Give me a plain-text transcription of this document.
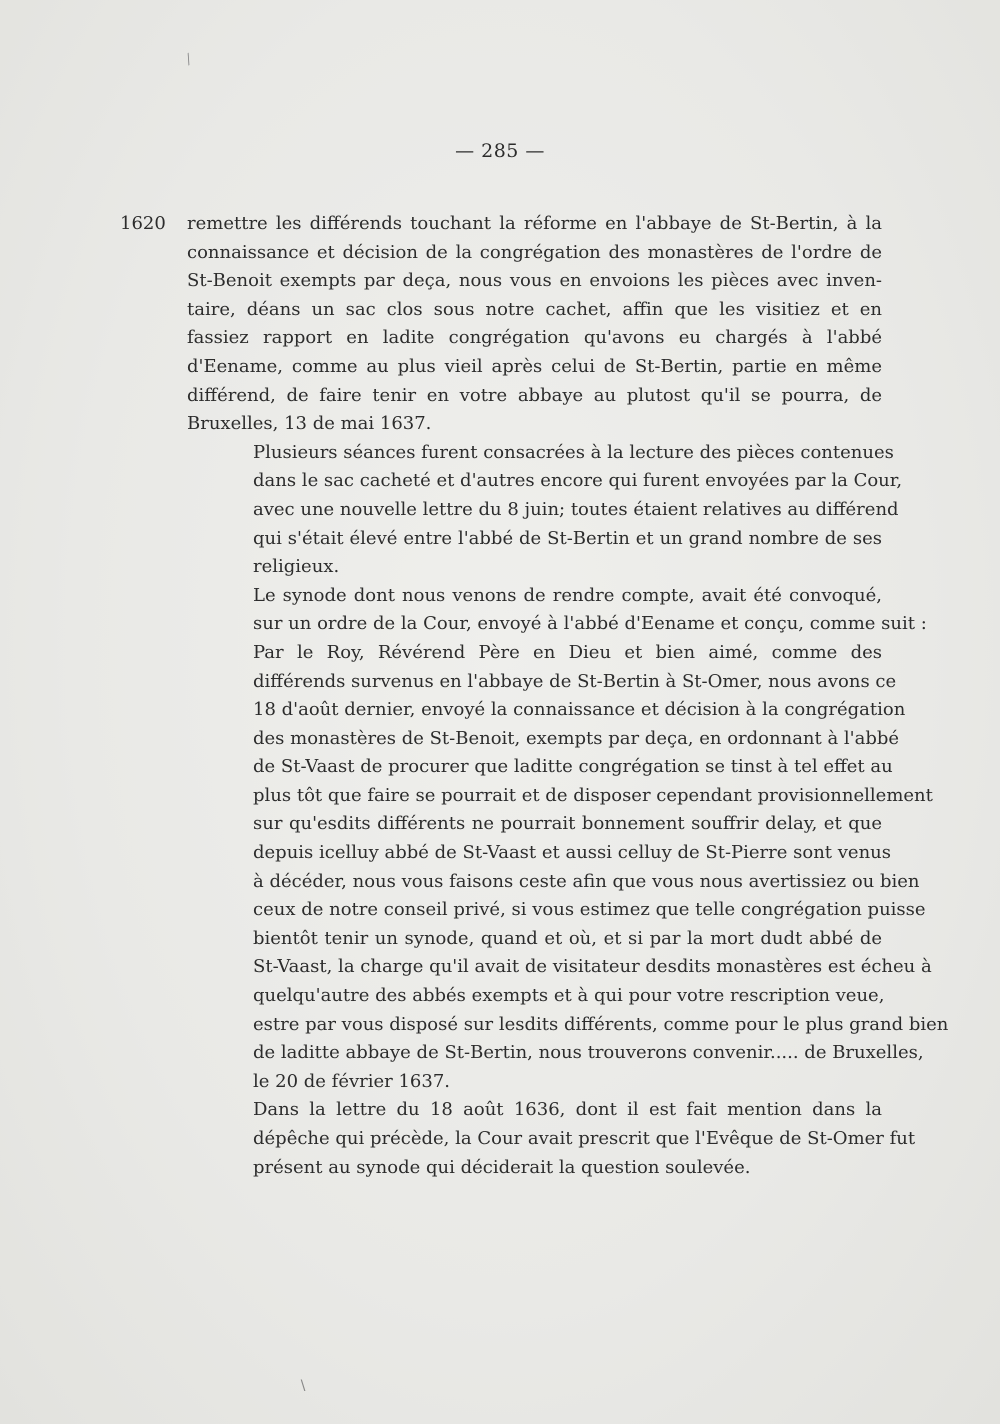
⁄
∖
— 285 —
1620 remettre les différends touchant la réforme en l'abbaye de St-Bertin, à la
connaissance et décision de la congrégation des monastères de l'ordre de
St-Benoit exempts par deça, nous vous en envoions les pièces avec inven-
taire, déans un sac clos sous notre cachet, affin que les visitiez et en
fassiez rapport en ladite congrégation qu'avons eu chargés à l'abbé
d'Eename, comme au plus vieil après celui de St-Bertin, partie en même
différend, de faire tenir en votre abbaye au plutost qu'il se pourra, de
Bruxelles, 13 de mai 1637.

Plusieurs séances furent consacrées à la lecture des pièces contenues
dans le sac cacheté et d'autres encore qui furent envoyées par la Cour,
avec une nouvelle lettre du 8 juin; toutes étaient relatives au différend
qui s'était élevé entre l'abbé de St-Bertin et un grand nombre de ses
religieux.

Le synode dont nous venons de rendre compte, avait été convoqué,
sur un ordre de la Cour, envoyé à l'abbé d'Eename et conçu, comme suit :

Par le Roy, Révérend Père en Dieu et bien aimé, comme des
différends survenus en l'abbaye de St-Bertin à St-Omer, nous avons ce
18 d'août dernier, envoyé la connaissance et décision à la congrégation
des monastères de St-Benoit, exempts par deça, en ordonnant à l'abbé
de St-Vaast de procurer que laditte congrégation se tinst à tel effet au
plus tôt que faire se pourrait et de disposer cependant provisionnellement
sur qu'esdits différents ne pourrait bonnement souffrir delay, et que
depuis icelluy abbé de St-Vaast et aussi celluy de St-Pierre sont venus
à décéder, nous vous faisons ceste afin que vous nous avertissiez ou bien
ceux de notre conseil privé, si vous estimez que telle congrégation puisse
bientôt tenir un synode, quand et où, et si par la mort dudt abbé de
St-Vaast, la charge qu'il avait de visitateur desdits monastères est écheu à
quelqu'autre des abbés exempts et à qui pour votre rescription veue,
estre par vous disposé sur lesdits différents, comme pour le plus grand bien
de laditte abbaye de St-Bertin, nous trouverons convenir..... de Bruxelles,
le 20 de février 1637.

Dans la lettre du 18 août 1636, dont il est fait mention dans la
dépêche qui précède, la Cour avait prescrit que l'Evêque de St-Omer fut
présent au synode qui déciderait la question soulevée.
